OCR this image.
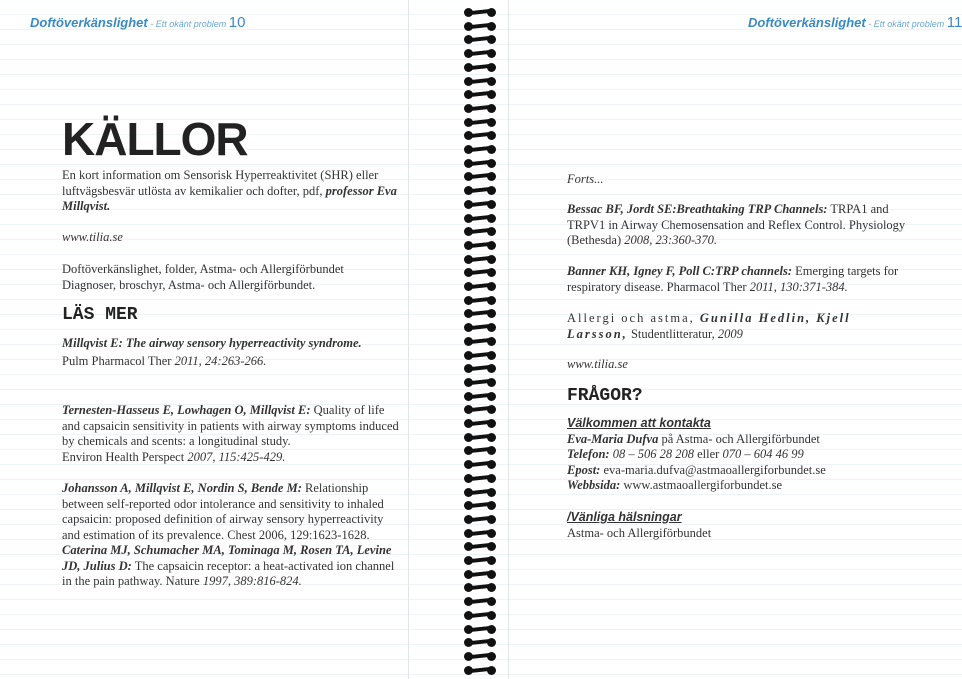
Doftöverkänslighet - Ett okänt problem 10
KÄLLOR
En kort information om Sensorisk Hyperreaktivitet (SHR) eller luftvägsbesvär utlösta av kemikalier och dofter, pdf, professor Eva Millqvist.
www.tilia.se
Doftöverkänslighet, folder, Astma- och Allergiförbundet
Diagnoser, broschyr, Astma- och Allergiförbundet.
LÄS MER
Millqvist E: The airway sensory hyperreactivity syndrome.
Pulm Pharmacol Ther 2011, 24:263-266.
Ternesten-Hasseus E, Lowhagen O, Millqvist E: Quality of life and capsaicin sensitivity in patients with airway symptoms induced by chemicals and scents: a longitudinal study.
Environ Health Perspect 2007, 115:425-429.
Johansson A, Millqvist E, Nordin S, Bende M: Relationship between self-reported odor intolerance and sensitivity to inhaled capsaicin: proposed definition of airway sensory hyperreactivity and estimation of its prevalence. Chest 2006, 129:1623-1628.
Caterina MJ, Schumacher MA, Tominaga M, Rosen TA, Levine JD, Julius D: The capsaicin receptor: a heat-activated ion channel in the pain pathway. Nature 1997, 389:816-824.
Doftöverkänslighet - Ett okänt problem 11
Forts...
Bessac BF, Jordt SE:Breathtaking TRP Channels: TRPA1 and TRPV1 in Airway Chemosensation and Reflex Control. Physiology (Bethesda) 2008, 23:360-370.
Banner KH, Igney F, Poll C:TRP channels: Emerging targets for respiratory disease. Pharmacol Ther 2011, 130:371-384.
Allergi och astma, Gunilla Hedlin, Kjell Larsson, Studentlitteratur, 2009
www.tilia.se
FRÅGOR?
Välkommen att kontakta
Eva-Maria Dufva på Astma- och Allergiförbundet
Telefon: 08 – 506 28 208 eller 070 – 604 46 99
Epost: eva-maria.dufva@astmaoallergiforbundet.se
Webbsida: www.astmaoallergiforbundet.se
/Vänliga hälsningar
Astma- och Allergiförbundet
